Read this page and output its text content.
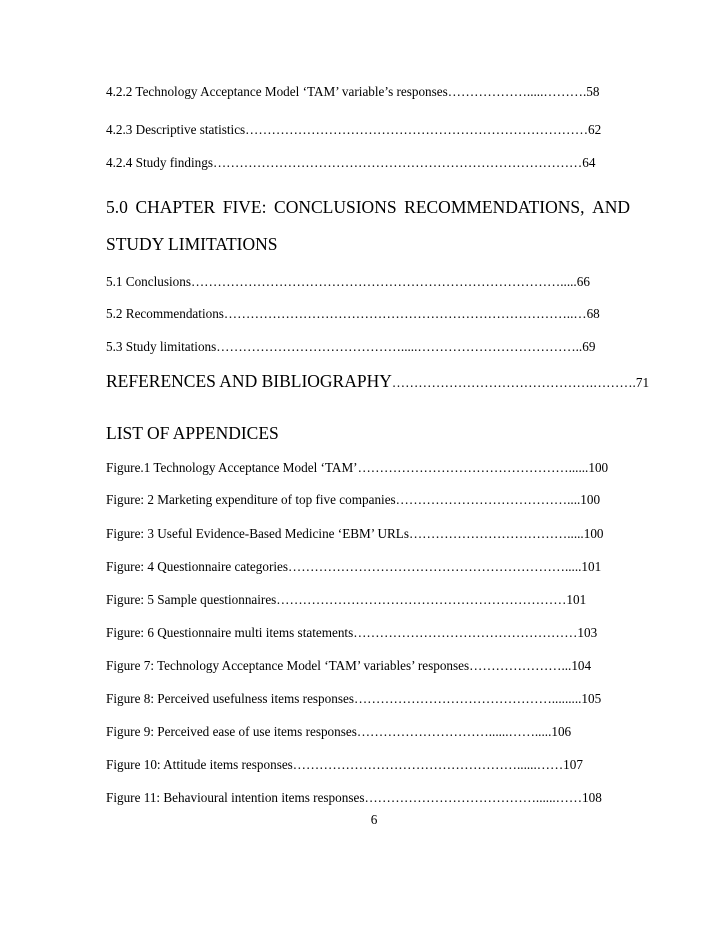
4.2.2 Technology Acceptance Model ‘TAM’ variable’s responses……………….....……….58
4.2.3 Descriptive statistics……………………………………………………………………62
4.2.4 Study findings…………………………………………………………………………64
5.0 CHAPTER FIVE: CONCLUSIONS RECOMMENDATIONS, AND
STUDY LIMITATIONS
5.1 Conclusions………………………………………………………………………….....66
5.2 Recommendations……………………………………………………………………..…68
5.3 Study limitations…………………………………….....………………………………..69
REFERENCES AND BIBLIOGRAPHY……………………………………….……….71
LIST OF APPENDICES
Figure.1 Technology Acceptance Model ‘TAM’…………………………………………......100
Figure: 2 Marketing expenditure of top five companies…………………………………....100
Figure: 3 Useful Evidence-Based Medicine ‘EBM’ URLs……………………………….....100
Figure: 4 Questionnaire categories……………………………………………………….....101
Figure: 5 Sample questionnaires…………………………………………………………101
Figure: 6 Questionnaire multi items statements……………………………………………103
Figure 7: Technology Acceptance Model ‘TAM’ variables’ responses…………………...104
Figure 8: Perceived usefulness items responses……………………………………….........105
Figure 9: Perceived ease of use items responses…………………………......…….....106
Figure 10: Attitude items responses……………………………………………......……107
Figure 11: Behavioural intention items responses…………………………………......……108
6
